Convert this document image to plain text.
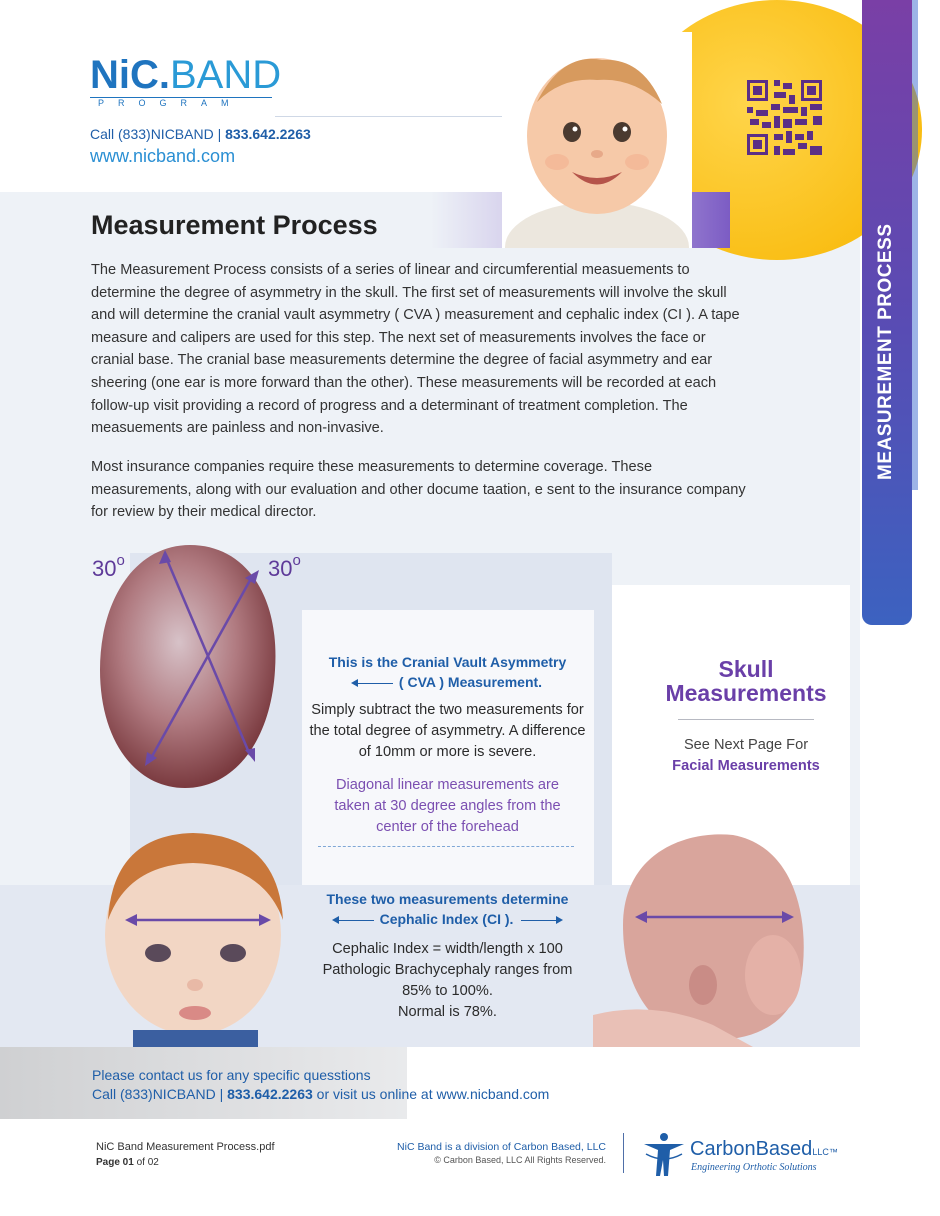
MEASUREMENT PROCESS
NiC.BAND
PROGRAM
Call (833)NICBAND | 833.642.2263
www.nicband.com
Measurement Process
The Measurement Process consists of a series of linear and circumferential measuements to determine the degree of asymmetry in the skull. The first set of measurements will involve the skull and will determine the cranial vault asymmetry ( CVA ) measurement and cephalic index (CI ). A tape measure and calipers are used for this step. The next set of measurements involves the face or cranial base. The cranial base measurements determine the degree of facial asymmetry and ear sheering (one ear is more forward than the other). These measurements will be recorded at each follow-up visit providing a record of progress and a determinant of treatment completion. The measuements are painless and non-invasive.
Most insurance companies require these measurements to determine coverage. These measurements, along with our evaluation and other docume taation, e sent to the insurance company for review by their medical director.
30$^o$	30$^o$
This is the Cranial Vault Asymmetry
( CVA ) Measurement.
Simply subtract the two measurements for the total degree of asymmetry. A difference of 10mm or more is severe.
Diagonal linear measurements are taken at 30 degree angles from the center of the forehead
These two measurements determine
Cephalic Index (CI ).
Cephalic Index = width/length x 100
Pathologic Brachycephaly ranges from 85% to 100%.
Normal is 78%.
Skull
Measurements
See Next Page For
Facial Measurements
Please contact us for any specific quesstions
Call (833)NICBAND | 833.642.2263 or visit us online at www.nicband.com
NiC Band Measurement Process.pdf
Page 01 of 02
NiC Band is a division of Carbon Based, LLC
© Carbon Based, LLC All Rights Reserved.	CarbonBasedLLC™
Engineering Orthotic Solutions
